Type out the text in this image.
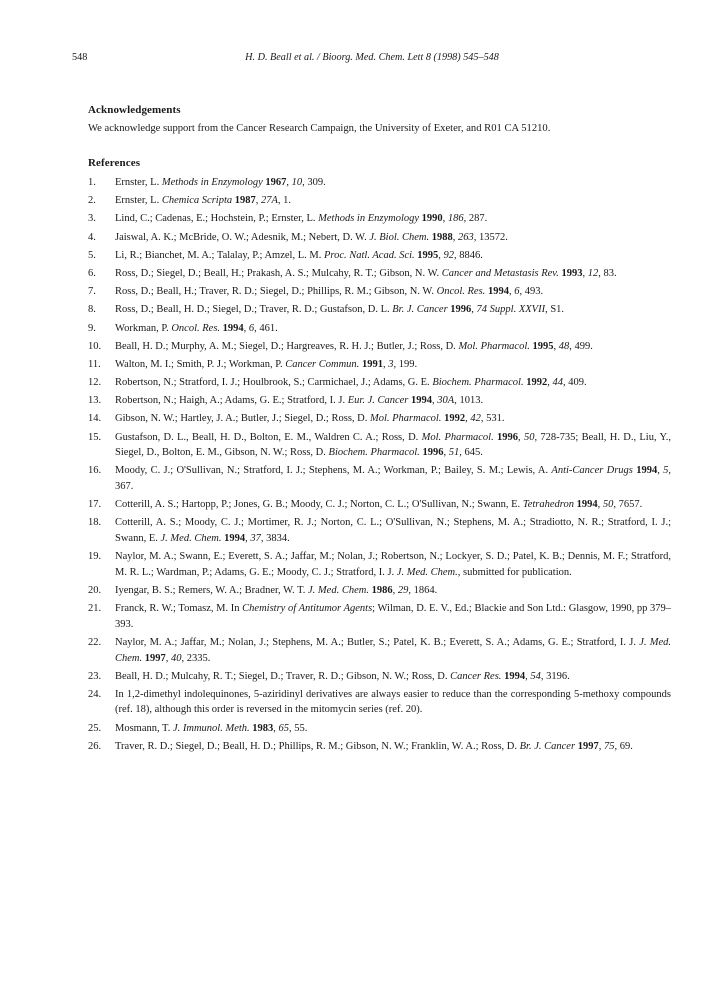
548	H. D. Beall et al. / Bioorg. Med. Chem. Lett 8 (1998) 545–548
Acknowledgements
We acknowledge support from the Cancer Research Campaign, the University of Exeter, and R01 CA 51210.
References
1.	Ernster, L. Methods in Enzymology 1967, 10, 309.
2.	Ernster, L. Chemica Scripta 1987, 27A, 1.
3.	Lind, C.; Cadenas, E.; Hochstein, P.; Ernster, L. Methods in Enzymology 1990, 186, 287.
4.	Jaiswal, A. K.; McBride, O. W.; Adesnik, M.; Nebert, D. W. J. Biol. Chem. 1988, 263, 13572.
5.	Li, R.; Bianchet, M. A.; Talalay, P.; Amzel, L. M. Proc. Natl. Acad. Sci. 1995, 92, 8846.
6.	Ross, D.; Siegel, D.; Beall, H.; Prakash, A. S.; Mulcahy, R. T.; Gibson, N. W. Cancer and Metastasis Rev. 1993, 12, 83.
7.	Ross, D.; Beall, H.; Traver, R. D.; Siegel, D.; Phillips, R. M.; Gibson, N. W. Oncol. Res. 1994, 6, 493.
8.	Ross, D.; Beall, H. D.; Siegel, D.; Traver, R. D.; Gustafson, D. L. Br. J. Cancer 1996, 74 Suppl. XXVII, S1.
9.	Workman, P. Oncol. Res. 1994, 6, 461.
10.	Beall, H. D.; Murphy, A. M.; Siegel, D.; Hargreaves, R. H. J.; Butler, J.; Ross, D. Mol. Pharmacol. 1995, 48, 499.
11.	Walton, M. I.; Smith, P. J.; Workman, P. Cancer Commun. 1991, 3, 199.
12.	Robertson, N.; Stratford, I. J.; Houlbrook, S.; Carmichael, J.; Adams, G. E. Biochem. Pharmacol. 1992, 44, 409.
13.	Robertson, N.; Haigh, A.; Adams, G. E.; Stratford, I. J. Eur. J. Cancer 1994, 30A, 1013.
14.	Gibson, N. W.; Hartley, J. A.; Butler, J.; Siegel, D.; Ross, D. Mol. Pharmacol. 1992, 42, 531.
15.	Gustafson, D. L., Beall, H. D., Bolton, E. M., Waldren C. A.; Ross, D. Mol. Pharmacol. 1996, 50, 728-735; Beall, H. D., Liu, Y., Siegel, D., Bolton, E. M., Gibson, N. W.; Ross, D. Biochem. Pharmacol. 1996, 51, 645.
16.	Moody, C. J.; O'Sullivan, N.; Stratford, I. J.; Stephens, M. A.; Workman, P.; Bailey, S. M.; Lewis, A. Anti-Cancer Drugs 1994, 5, 367.
17.	Cotterill, A. S.; Hartopp, P.; Jones, G. B.; Moody, C. J.; Norton, C. L.; O'Sullivan, N.; Swann, E. Tetrahedron 1994, 50, 7657.
18.	Cotterill, A. S.; Moody, C. J.; Mortimer, R. J.; Norton, C. L.; O'Sullivan, N.; Stephens, M. A.; Stradiotto, N. R.; Stratford, I. J.; Swann, E. J. Med. Chem. 1994, 37, 3834.
19.	Naylor, M. A.; Swann, E.; Everett, S. A.; Jaffar, M.; Nolan, J.; Robertson, N.; Lockyer, S. D.; Patel, K. B.; Dennis, M. F.; Stratford, M. R. L.; Wardman, P.; Adams, G. E.; Moody, C. J.; Stratford, I. J. J. Med. Chem., submitted for publication.
20.	Iyengar, B. S.; Remers, W. A.; Bradner, W. T. J. Med. Chem. 1986, 29, 1864.
21.	Franck, R. W.; Tomasz, M. In Chemistry of Antitumor Agents; Wilman, D. E. V., Ed.; Blackie and Son Ltd.: Glasgow, 1990, pp 379–393.
22.	Naylor, M. A.; Jaffar, M.; Nolan, J.; Stephens, M. A.; Butler, S.; Patel, K. B.; Everett, S. A.; Adams, G. E.; Stratford, I. J. J. Med. Chem. 1997, 40, 2335.
23.	Beall, H. D.; Mulcahy, R. T.; Siegel, D.; Traver, R. D.; Gibson, N. W.; Ross, D. Cancer Res. 1994, 54, 3196.
24.	In 1,2-dimethyl indolequinones, 5-aziridinyl derivatives are always easier to reduce than the corresponding 5-methoxy compounds (ref. 18), although this order is reversed in the mitomycin series (ref. 20).
25.	Mosmann, T. J. Immunol. Meth. 1983, 65, 55.
26.	Traver, R. D.; Siegel, D.; Beall, H. D.; Phillips, R. M.; Gibson, N. W.; Franklin, W. A.; Ross, D. Br. J. Cancer 1997, 75, 69.
